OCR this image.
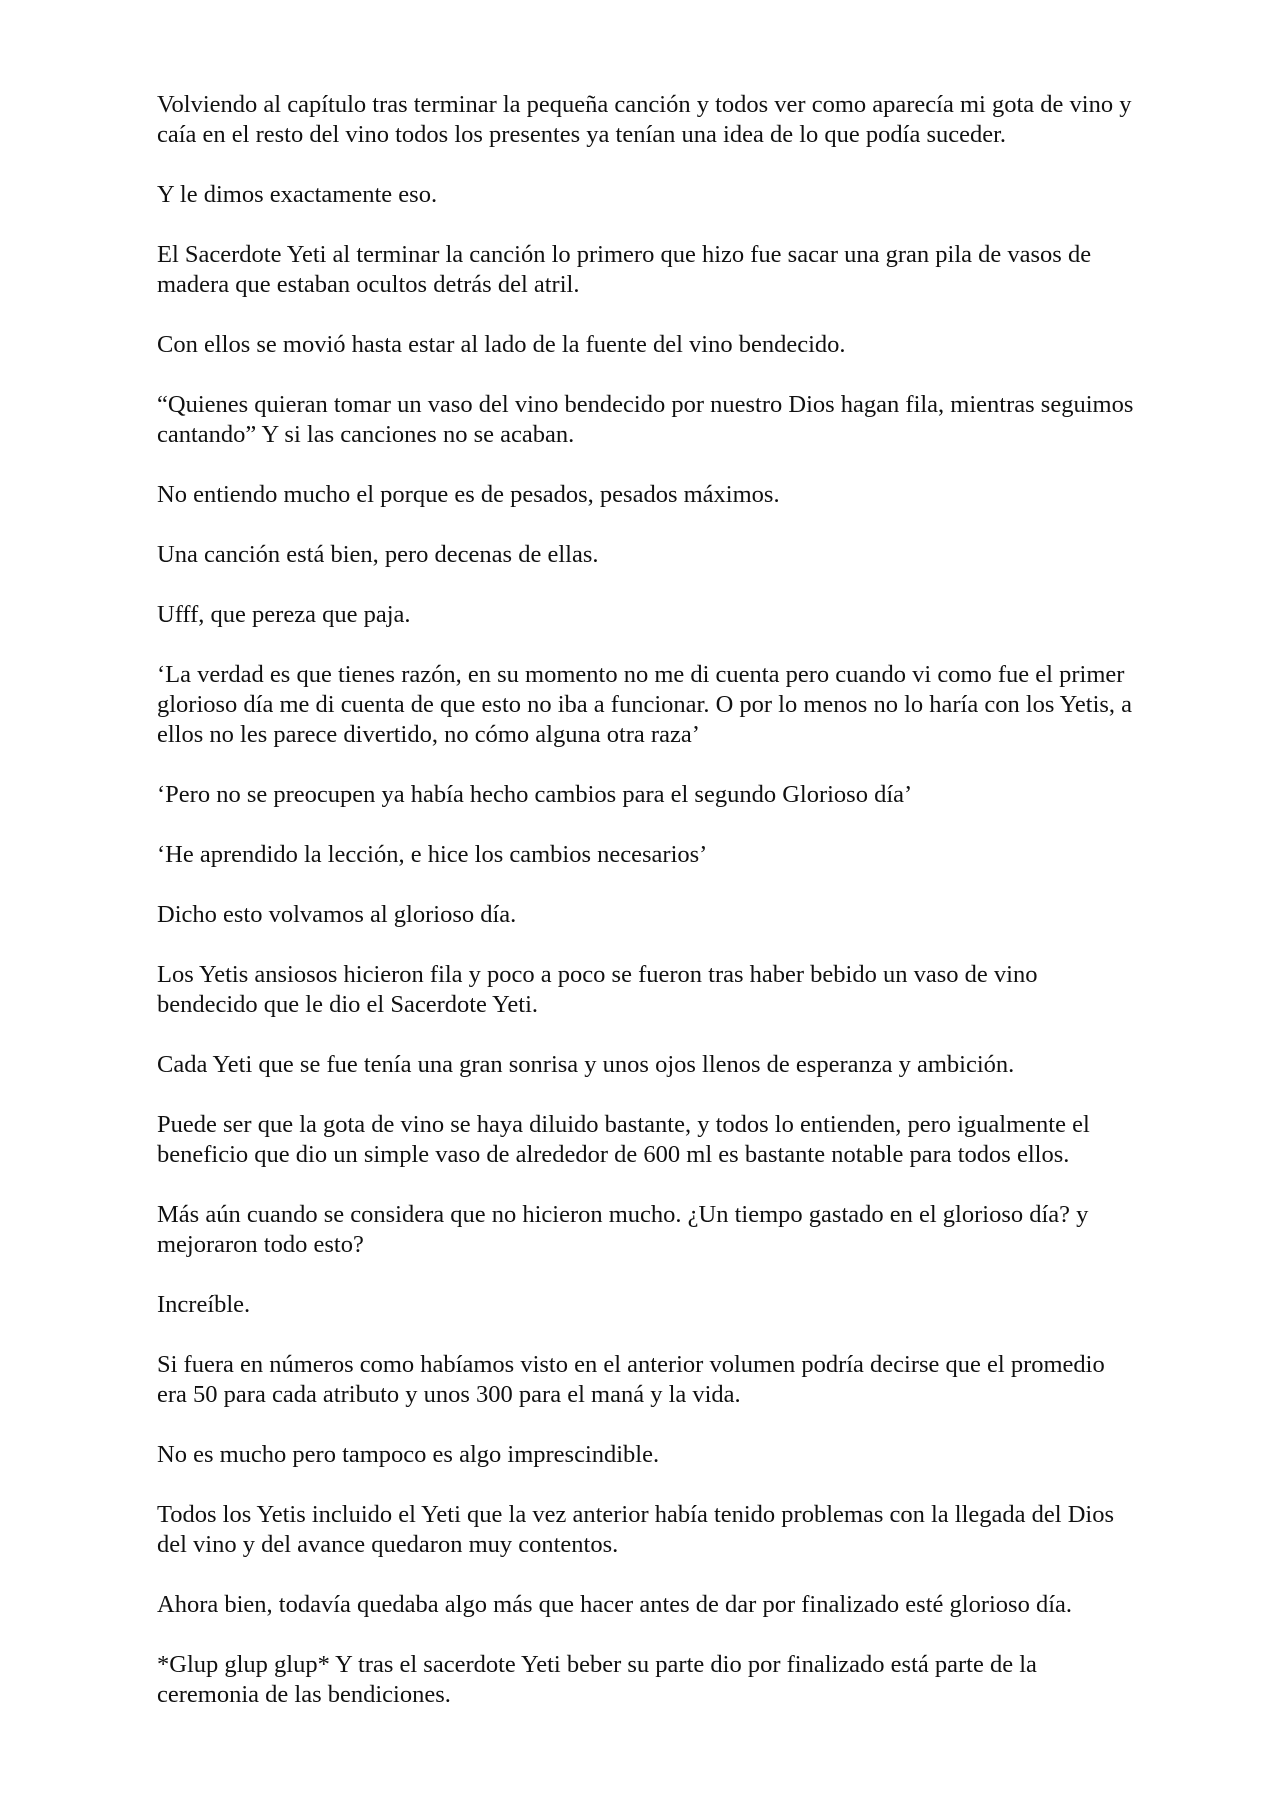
Volviendo al capítulo tras terminar la pequeña canción y todos ver como aparecía mi gota de vino y caía en el resto del vino todos los presentes ya tenían una idea de lo que podía suceder.

Y le dimos exactamente eso.

El Sacerdote Yeti al terminar la canción lo primero que hizo fue sacar una gran pila de vasos de madera que estaban ocultos detrás del atril.

Con ellos se movió hasta estar al lado de la fuente del vino bendecido.

“Quienes quieran tomar un vaso del vino bendecido por nuestro Dios hagan fila, mientras seguimos cantando” Y si las canciones no se acaban.

No entiendo mucho el porque es de pesados, pesados máximos.

Una canción está bien, pero decenas de ellas.

Ufff, que pereza que paja.

‘La verdad es que tienes razón, en su momento no me di cuenta pero cuando vi como fue el primer glorioso día me di cuenta de que esto no iba a funcionar. O por lo menos no lo haría con los Yetis, a ellos no les parece divertido, no cómo alguna otra raza’

‘Pero no se preocupen ya había hecho cambios para el segundo Glorioso día’

‘He aprendido la lección, e hice los cambios necesarios’

Dicho esto volvamos al glorioso día.

Los Yetis ansiosos hicieron fila y poco a poco se fueron tras haber bebido un vaso de vino bendecido que le dio el Sacerdote Yeti.

Cada Yeti que se fue tenía una gran sonrisa y unos ojos llenos de esperanza y ambición.

Puede ser que la gota de vino se haya diluido bastante, y todos lo entienden, pero igualmente el beneficio que dio un simple vaso de alrededor de 600 ml es bastante notable para todos ellos.

Más aún cuando se considera que no hicieron mucho. ¿Un tiempo gastado en el glorioso día? y mejoraron todo esto?

Increíble.

Si fuera en números como habíamos visto en el anterior volumen podría decirse que el promedio era 50 para cada atributo y unos 300 para el maná y la vida.

No es mucho pero tampoco es algo imprescindible.

Todos los Yetis incluido el Yeti que la vez anterior había tenido problemas con la llegada del Dios del vino y del avance quedaron muy contentos.

Ahora bien, todavía quedaba algo más que hacer antes de dar por finalizado esté glorioso día.

*Glup glup glup* Y tras el sacerdote Yeti beber su parte dio por finalizado está parte de la ceremonia de las bendiciones.
